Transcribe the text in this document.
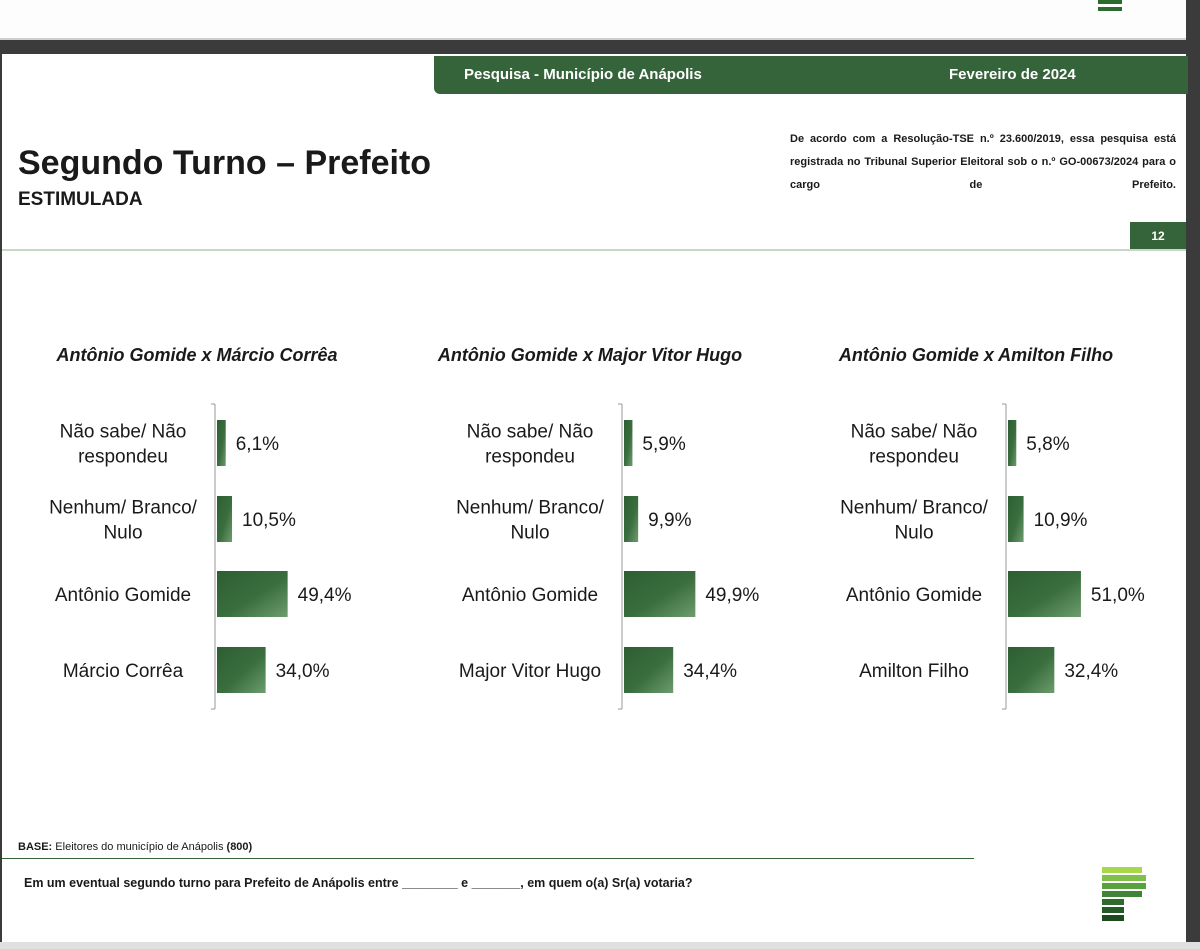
Pesquisa - Município de Anápolis	Fevereiro de 2024
Segundo Turno – Prefeito
ESTIMULADA
De acordo com a Resolução-TSE n.º 23.600/2019, essa pesquisa está registrada no Tribunal Superior Eleitoral sob o n.º GO-00673/2024 para o cargo de Prefeito.
12
Antônio Gomide x Márcio Corrêa	Antônio Gomide x Major Vitor Hugo	Antônio Gomide x Amilton Filho
6,1%
Não sabe/ Não respondeu
10,5%
Nenhum/ Branco/ Nulo
49,4%
Antônio Gomide
34,0%
Márcio Corrêa
5,9%
Não sabe/ Não respondeu
9,9%
Nenhum/ Branco/ Nulo
49,9%
Antônio Gomide
34,4%
Major Vitor Hugo
5,8%
Não sabe/ Não respondeu
10,9%
Nenhum/ Branco/ Nulo
51,0%
Antônio Gomide
32,4%
Amilton Filho
BASE: Eleitores do município de Anápolis (800)
Em um eventual segundo turno para Prefeito de Anápolis entre ________ e _______, em quem o(a) Sr(a) votaria?
